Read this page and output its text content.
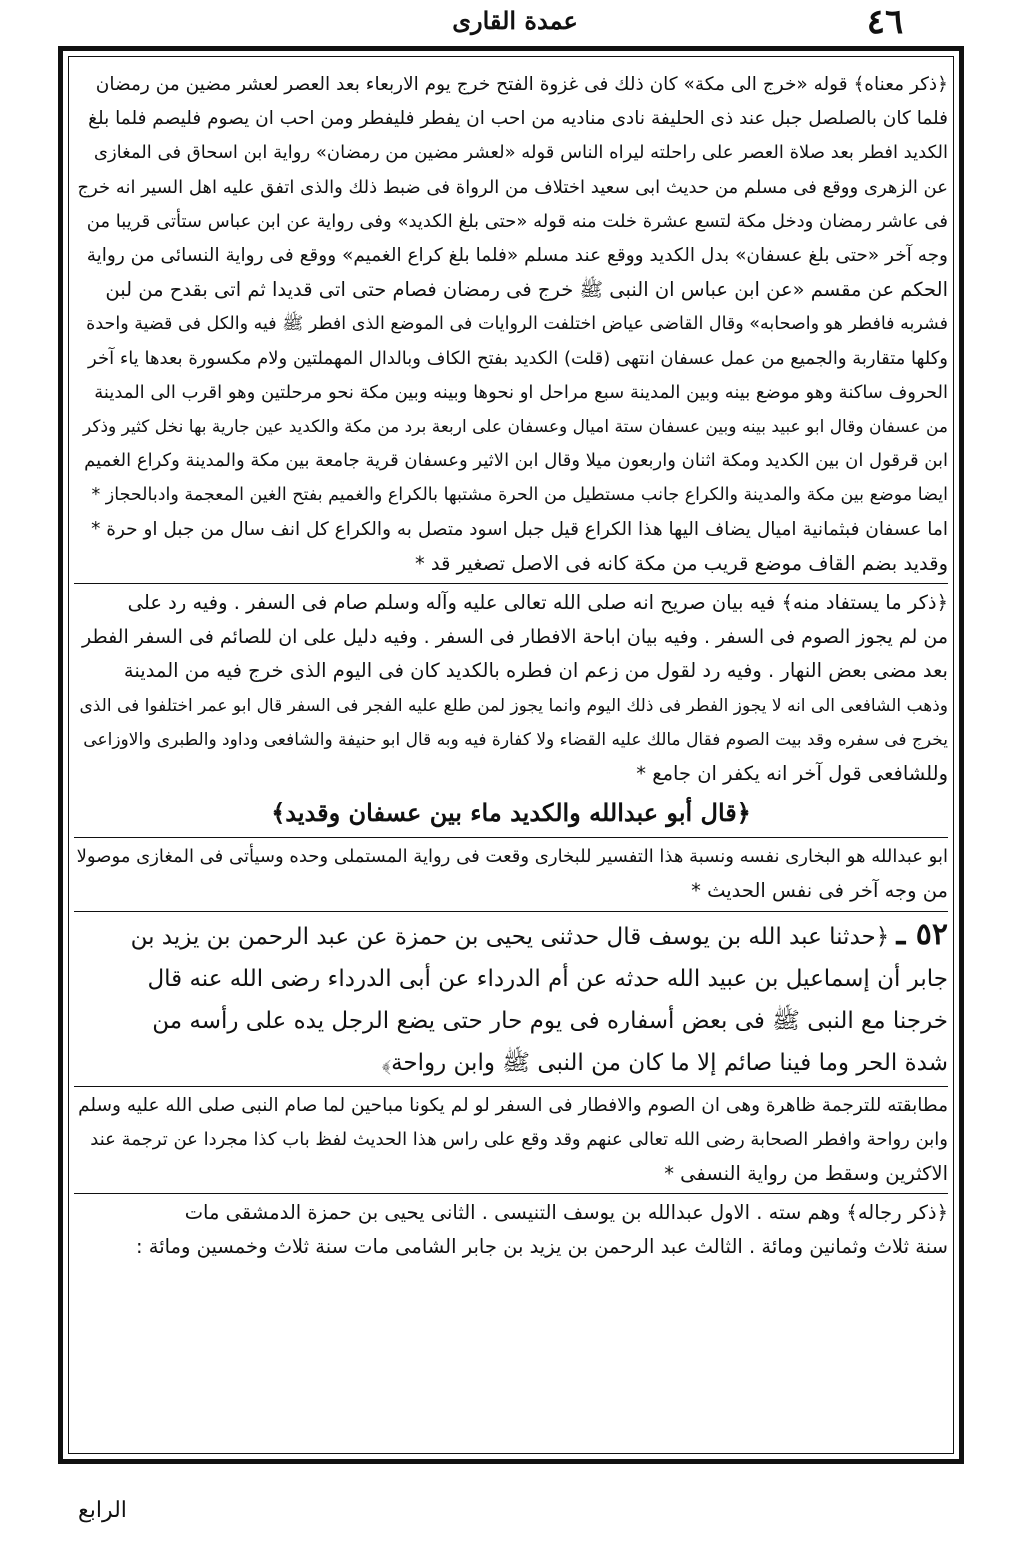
عمدة القارى	٤٦
﴿ذكر معناه﴾ قوله «خرج الى مكة» كان ذلك فى غزوة الفتح خرج يوم الاربعاء بعد العصر لعشر مضين من رمضان
فلما كان بالصلصل جبل عند ذى الحليفة نادى مناديه من احب ان يفطر فليفطر ومن احب ان يصوم فليصم فلما بلغ
الكديد افطر بعد صلاة العصر على راحلته ليراه الناس قوله «لعشر مضين من رمضان» رواية ابن اسحاق فى المغازى
عن الزهرى ووقع فى مسلم من حديث ابى سعيد اختلاف من الرواة فى ضبط ذلك والذى اتفق عليه اهل السير انه خرج
فى عاشر رمضان ودخل مكة لتسع عشرة خلت منه قوله «حتى بلغ الكديد» وفى رواية عن ابن عباس ستأتى قريبا من
وجه آخر «حتى بلغ عسفان» بدل الكديد ووقع عند مسلم «فلما بلغ كراع الغميم» ووقع فى رواية النسائى من رواية
الحكم عن مقسم «عن ابن عباس ان النبى ﷺ خرج فى رمضان فصام حتى اتى قديدا ثم اتى بقدح من لبن
فشربه فافطر هو واصحابه» وقال القاضى عياض اختلفت الروايات فى الموضع الذى افطر ﷺ فيه والكل فى قضية واحدة
وكلها متقاربة والجميع من عمل عسفان انتهى (قلت) الكديد بفتح الكاف وبالدال المهملتين ولام مكسورة بعدها ياء آخر
الحروف ساكنة وهو موضع بينه وبين المدينة سبع مراحل او نحوها وبينه وبين مكة نحو مرحلتين وهو اقرب الى المدينة
من عسفان وقال ابو عبيد بينه وبين عسفان ستة اميال وعسفان على اربعة برد من مكة والكديد عين جارية بها نخل كثير وذكر
ابن قرقول ان بين الكديد ومكة اثنان واربعون ميلا وقال ابن الاثير وعسفان قرية جامعة بين مكة والمدينة وكراع الغميم
ايضا موضع بين مكة والمدينة والكراع جانب مستطيل من الحرة مشتبها بالكراع والغميم بفتح الغين المعجمة وادبالحجاز *
اما عسفان فبثمانية اميال يضاف اليها هذا الكراع قيل جبل اسود متصل به والكراع كل انف سال من جبل او حرة *
وقديد بضم القاف موضع قريب من مكة كانه فى الاصل تصغير قد *
﴿ذكر ما يستفاد منه﴾ فيه بيان صريح انه صلى الله تعالى عليه وآله وسلم صام فى السفر . وفيه رد على
من لم يجوز الصوم فى السفر . وفيه بيان اباحة الافطار فى السفر . وفيه دليل على ان للصائم فى السفر الفطر
بعد مضى بعض النهار . وفيه رد لقول من زعم ان فطره بالكديد كان فى اليوم الذى خرج فيه من المدينة
وذهب الشافعى الى انه لا يجوز الفطر فى ذلك اليوم وانما يجوز لمن طلع عليه الفجر فى السفر قال ابو عمر اختلفوا فى الذى
يخرج فى سفره وقد بيت الصوم فقال مالك عليه القضاء ولا كفارة فيه وبه قال ابو حنيفة والشافعى وداود والطبرى والاوزاعى
وللشافعى قول آخر انه يكفر ان جامع *
﴿قال أبو عبدالله والكديد ماء بين عسفان وقديد﴾
ابو عبدالله هو البخارى نفسه ونسبة هذا التفسير للبخارى وقعت فى رواية المستملى وحده وسيأتى فى المغازى موصولا
من وجه آخر فى نفس الحديث *
٥٢ ـ ﴿حدثنا عبد الله بن يوسف قال حدثنى يحيى بن حمزة عن عبد الرحمن بن يزيد بن
جابر أن إسماعيل بن عبيد الله حدثه عن أم الدرداء عن أبى الدرداء رضى الله عنه قال
خرجنا مع النبى ﷺ فى بعض أسفاره فى يوم حار حتى يضع الرجل يده على رأسه من
شدة الحر وما فينا صائم إلا ما كان من النبى ﷺ وابن رواحة﴾
مطابقته للترجمة ظاهرة وهى ان الصوم والافطار فى السفر لو لم يكونا مباحين لما صام النبى صلى الله عليه وسلم
وابن رواحة وافطر الصحابة رضى الله تعالى عنهم وقد وقع على راس هذا الحديث لفظ باب كذا مجردا عن ترجمة عند
الاكثرين وسقط من رواية النسفى *
﴿ذكر رجاله﴾ وهم سته . الاول عبدالله بن يوسف التنيسى . الثانى يحيى بن حمزة الدمشقى مات
سنة ثلاث وثمانين ومائة . الثالث عبد الرحمن بن يزيد بن جابر الشامى مات سنة ثلاث وخمسين ومائة :
الرابع
